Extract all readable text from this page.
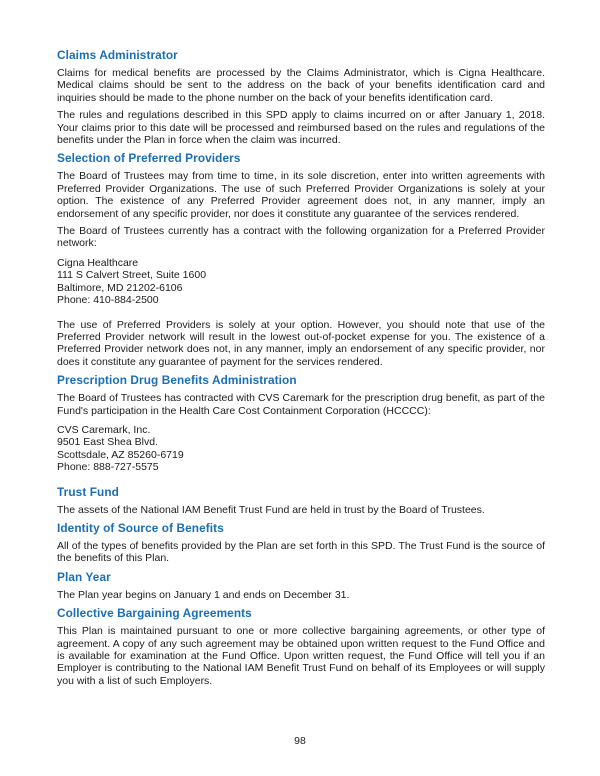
Claims Administrator

Claims for medical benefits are processed by the Claims Administrator, which is Cigna Healthcare. Medical claims should be sent to the address on the back of your benefits identification card and inquiries should be made to the phone number on the back of your benefits identification card.

The rules and regulations described in this SPD apply to claims incurred on or after January 1, 2018. Your claims prior to this date will be processed and reimbursed based on the rules and regulations of the benefits under the Plan in force when the claim was incurred.

Selection of Preferred Providers

The Board of Trustees may from time to time, in its sole discretion, enter into written agreements with Preferred Provider Organizations. The use of such Preferred Provider Organizations is solely at your option. The existence of any Preferred Provider agreement does not, in any manner, imply an endorsement of any specific provider, nor does it constitute any guarantee of the services rendered.

The Board of Trustees currently has a contract with the following organization for a Preferred Provider network:

Cigna Healthcare
111 S Calvert Street, Suite 1600
Baltimore, MD 21202-6106
Phone: 410-884-2500

The use of Preferred Providers is solely at your option. However, you should note that use of the Preferred Provider network will result in the lowest out-of-pocket expense for you. The existence of a Preferred Provider network does not, in any manner, imply an endorsement of any specific provider, nor does it constitute any guarantee of payment for the services rendered.

Prescription Drug Benefits Administration

The Board of Trustees has contracted with CVS Caremark for the prescription drug benefit, as part of the Fund's participation in the Health Care Cost Containment Corporation (HCCCC):

CVS Caremark, Inc.
9501 East Shea Blvd.
Scottsdale, AZ 85260-6719
Phone: 888-727-5575
Trust Fund

The assets of the National IAM Benefit Trust Fund are held in trust by the Board of Trustees.

Identity of Source of Benefits

All of the types of benefits provided by the Plan are set forth in this SPD. The Trust Fund is the source of the benefits of this Plan.

Plan Year

The Plan year begins on January 1 and ends on December 31.

Collective Bargaining Agreements

This Plan is maintained pursuant to one or more collective bargaining agreements, or other type of agreement. A copy of any such agreement may be obtained upon written request to the Fund Office and is available for examination at the Fund Office. Upon written request, the Fund Office will tell you if an Employer is contributing to the National IAM Benefit Trust Fund on behalf of its Employees or will supply you with a list of such Employers.

98
